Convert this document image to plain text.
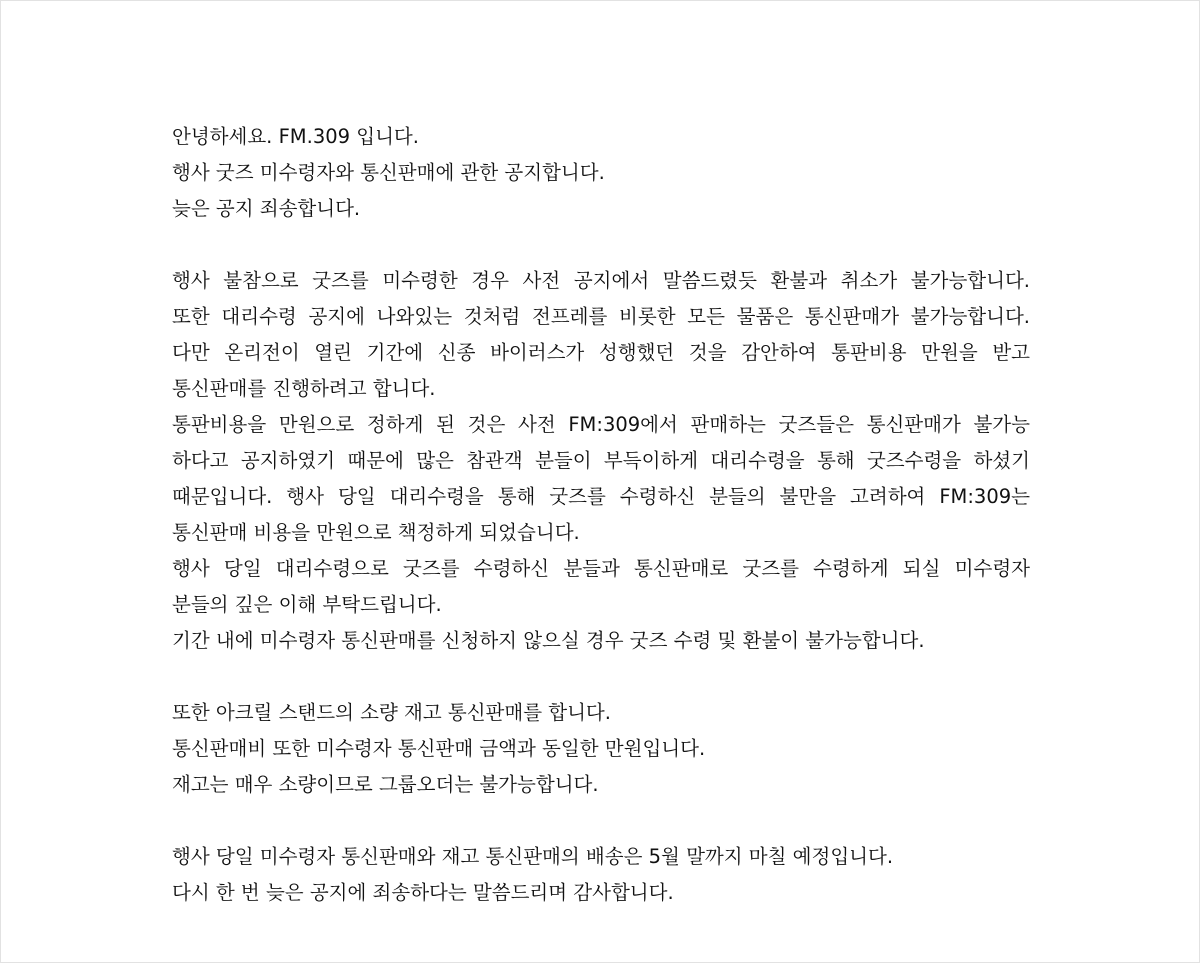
안녕하세요. FM.309 입니다.
행사 굿즈 미수령자와 통신판매에 관한 공지합니다.
늦은 공지 죄송합니다.
행사 불참으로 굿즈를 미수령한 경우 사전 공지에서 말씀드렸듯 환불과 취소가 불가능합니다.
또한 대리수령 공지에 나와있는 것처럼 전프레를 비롯한 모든 물품은 통신판매가 불가능합니다.
다만 온리전이 열린 기간에 신종 바이러스가 성행했던 것을 감안하여 통판비용 만원을 받고
통신판매를 진행하려고 합니다.
통판비용을 만원으로 정하게 된 것은 사전 FM:309에서 판매하는 굿즈들은 통신판매가 불가능
하다고 공지하였기 때문에 많은 참관객 분들이 부득이하게 대리수령을 통해 굿즈수령을 하셨기
때문입니다. 행사 당일 대리수령을 통해 굿즈를 수령하신 분들의 불만을 고려하여 FM:309는
통신판매 비용을 만원으로 책정하게 되었습니다.
행사 당일 대리수령으로 굿즈를 수령하신 분들과 통신판매로 굿즈를 수령하게 되실 미수령자
분들의 깊은 이해 부탁드립니다.
기간 내에 미수령자 통신판매를 신청하지 않으실 경우 굿즈 수령 및 환불이 불가능합니다.
또한 아크릴 스탠드의 소량 재고 통신판매를 합니다.
통신판매비 또한 미수령자 통신판매 금액과 동일한 만원입니다.
재고는 매우 소량이므로 그룹오더는 불가능합니다.
행사 당일 미수령자 통신판매와 재고 통신판매의 배송은 5월 말까지 마칠 예정입니다.
다시 한 번 늦은 공지에 죄송하다는 말씀드리며 감사합니다.
